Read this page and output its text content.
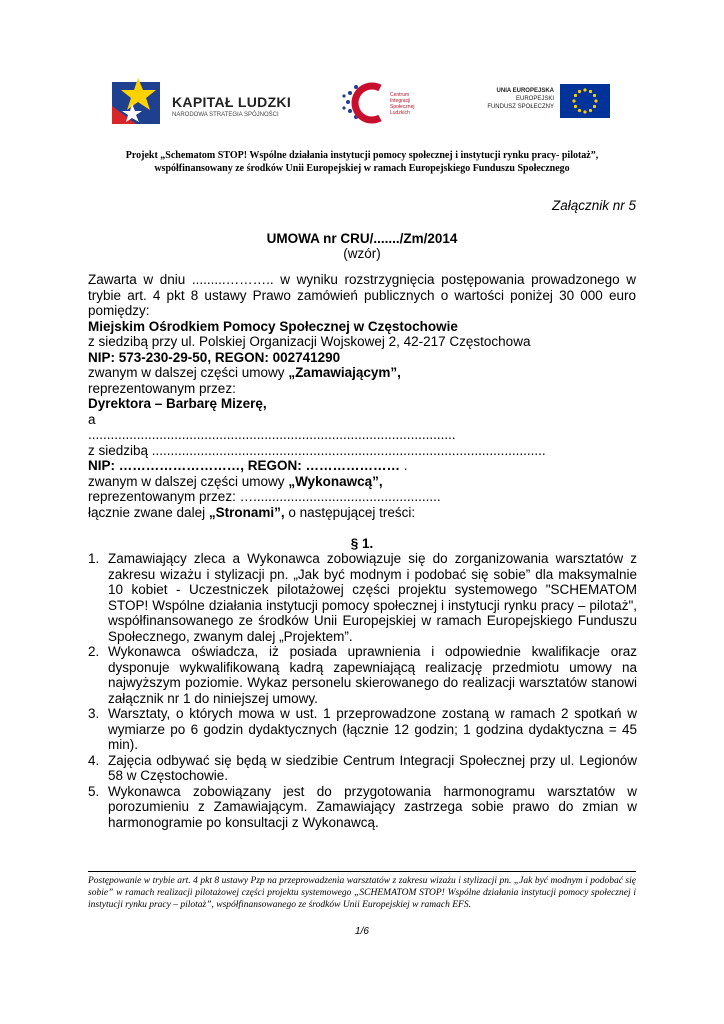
KAPITAŁ LUDZKI
NARODOWA STRATEGIA SPÓJNOŚCI
Centrum
Integracji
Społecznej
Ludzkich
UNIA EUROPEJSKA
EUROPEJSKI
FUNDUSZ SPOŁECZNY
Projekt „Schematom STOP! Wspólne działania instytucji pomocy społecznej i instytucji rynku pracy- pilotaż”,
współfinansowany ze środków Unii Europejskiej w ramach Europejskiego Funduszu Społecznego
Załącznik nr 5
UMOWA nr CRU/......./Zm/2014
(wzór)

Zawarta w dniu .........……….. w wyniku rozstrzygnięcia postępowania prowadzonego w trybie art. 4 pkt 8 ustawy Prawo zamówień publicznych o wartości poniżej 30 000 euro pomiędzy:

Miejskim Ośrodkiem Pomocy Społecznej w Częstochowie

z siedzibą przy ul. Polskiej Organizacji Wojskowej 2, 42-217 Częstochowa

NIP: 573-230-29-50, REGON: 002741290

zwanym w dalszej części umowy „Zamawiającym”,

reprezentowanym przez:

Dyrektora – Barbarę Mizerę,

a

..................................................................................................

z siedzibą .........................................................................................................

NIP: ………………………, REGON: ………………… .

zwanym w dalszej części umowy „Wykonawcą”,

reprezentowanym przez: …..................................................

łącznie zwane dalej „Stronami”, o następującej treści:

§ 1.
1. Zamawiający zleca a Wykonawca zobowiązuje się do zorganizowania warsztatów z zakresu wizażu i stylizacji pn. „Jak być modnym i podobać się sobie” dla maksymalnie 10 kobiet - Uczestniczek pilotażowej części projektu systemowego "SCHEMATOM STOP! Wspólne działania instytucji pomocy społecznej i instytucji rynku pracy – pilotaż", współfinansowanego ze środków Unii Europejskiej w ramach Europejskiego Funduszu Społecznego, zwanym dalej „Projektem”.
2. Wykonawca oświadcza, iż posiada uprawnienia i odpowiednie kwalifikacje oraz dysponuje wykwalifikowaną kadrą zapewniającą realizację przedmiotu umowy na najwyższym poziomie. Wykaz personelu skierowanego do realizacji warsztatów stanowi załącznik nr 1 do niniejszej umowy.
3. Warsztaty, o których mowa w ust. 1 przeprowadzone zostaną w ramach 2 spotkań w wymiarze po 6 godzin dydaktycznych (łącznie 12 godzin; 1 godzina dydaktyczna = 45 min).
4. Zajęcia odbywać się będą w siedzibie Centrum Integracji Społecznej przy ul. Legionów 58 w Częstochowie.
5. Wykonawca zobowiązany jest do przygotowania harmonogramu warsztatów w porozumieniu z Zamawiającym. Zamawiający zastrzega sobie prawo do zmian w harmonogramie po konsultacji z Wykonawcą.
Postępowanie w trybie art. 4 pkt 8 ustawy Pzp na przeprowadzenia warsztatów z zakresu wizażu i stylizacji pn. „Jak być modnym i podobać się sobie” w ramach realizacji pilotażowej części projektu systemowego „SCHEMATOM STOP! Wspólne działania instytucji pomocy społecznej i instytucji rynku pracy – pilotaż”, współfinansowanego ze środków Unii Europejskiej w ramach EFS.
1/6
